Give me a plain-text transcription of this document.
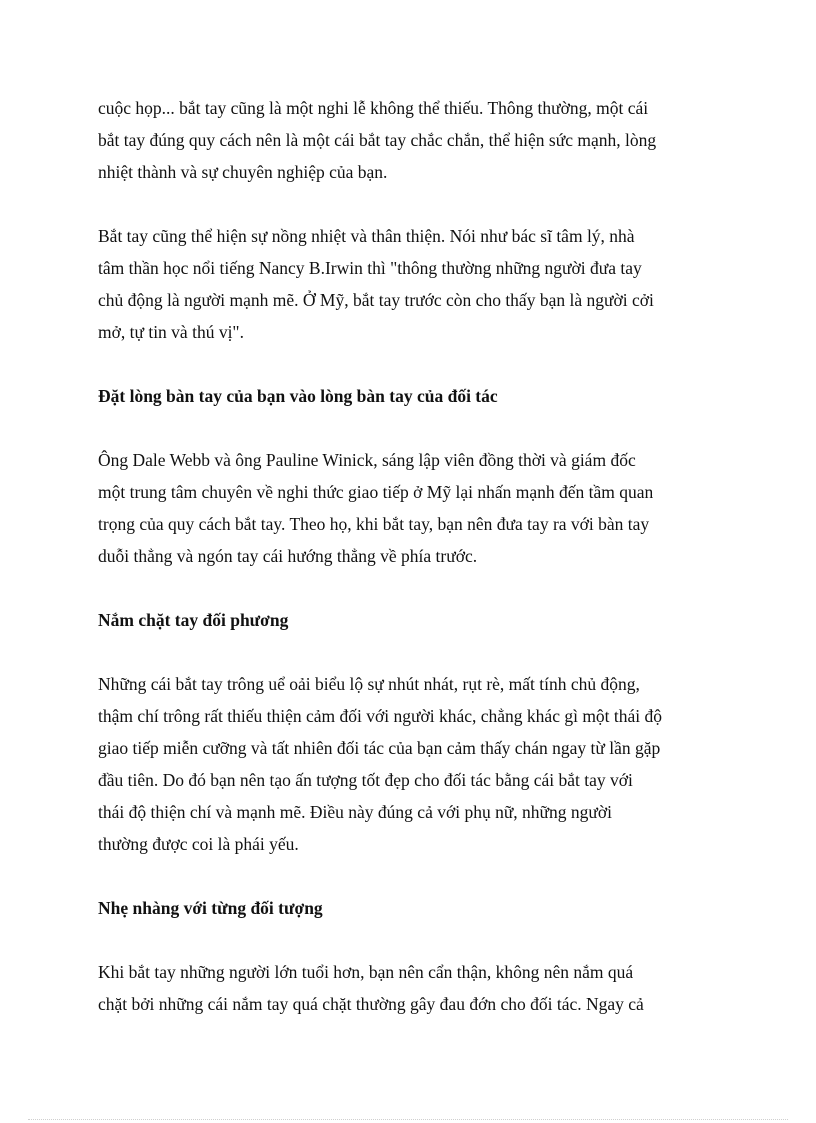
cuộc họp... bắt tay cũng là một nghi lễ không thể thiếu. Thông thường, một cái
bắt tay đúng quy cách nên là một cái bắt tay chắc chắn, thể hiện sức mạnh, lòng
nhiệt thành và sự chuyên nghiệp của bạn.
Bắt tay cũng thể hiện sự nồng nhiệt và thân thiện. Nói như bác sĩ tâm lý, nhà
tâm thần học nổi tiếng Nancy B.Irwin thì "thông thường những người đưa tay
chủ động là người mạnh mẽ. Ở Mỹ, bắt tay trước còn cho thấy bạn là người cởi
mở, tự tin và thú vị".
Đặt lòng bàn tay của bạn vào lòng bàn tay của đối tác
Ông Dale Webb và ông Pauline Winick, sáng lập viên đồng thời và giám đốc
một trung tâm chuyên về nghi thức giao tiếp ở Mỹ lại nhấn mạnh đến tầm quan
trọng của quy cách bắt tay. Theo họ, khi bắt tay, bạn nên đưa tay ra với bàn tay
duỗi thẳng và ngón tay cái hướng thẳng về phía trước.
Nắm chặt tay đối phương
Những cái bắt tay trông uể oải biểu lộ sự nhút nhát, rụt rè, mất tính chủ động,
thậm chí trông rất thiếu thiện cảm đối với người khác, chẳng khác gì một thái độ
giao tiếp miễn cưỡng và tất nhiên đối tác của bạn cảm thấy chán ngay từ lần gặp
đầu tiên. Do đó bạn nên tạo ấn tượng tốt đẹp cho đối tác bằng cái bắt tay với
thái độ thiện chí và mạnh mẽ. Điều này đúng cả với phụ nữ, những người
thường được coi là phái yếu.
Nhẹ nhàng với từng đối tượng
Khi bắt tay những người lớn tuổi hơn, bạn nên cẩn thận, không nên nắm quá
chặt bởi những cái nắm tay quá chặt thường gây đau đớn cho đối tác. Ngay cả
